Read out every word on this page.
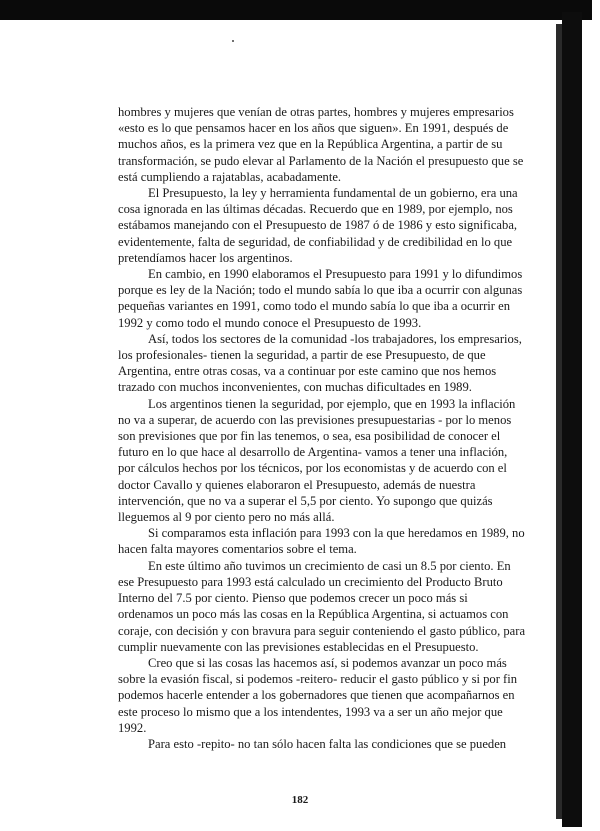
hombres y mujeres que venían de otras partes, hombres y mujeres empresarios «esto es lo que pensamos hacer en los años que siguen». En 1991, después de muchos años, es la primera vez que en la República Argentina, a partir de su transformación, se pudo elevar al Parlamento de la Nación el presupuesto que se está cumpliendo a rajatablas, acabadamente.

El Presupuesto, la ley y herramienta fundamental de un gobierno, era una cosa ignorada en las últimas décadas. Recuerdo que en 1989, por ejemplo, nos estábamos manejando con el Presupuesto de 1987 ó de 1986 y esto significaba, evidentemente, falta de seguridad, de confiabilidad y de credibilidad en lo que pretendíamos hacer los argentinos.

En cambio, en 1990 elaboramos el Presupuesto para 1991 y lo difundimos porque es ley de la Nación; todo el mundo sabía lo que iba a ocurrir con algunas pequeñas variantes en 1991, como todo el mundo sabía lo que iba a ocurrir en 1992 y como todo el mundo conoce el Presupuesto de 1993.

Así, todos los sectores de la comunidad -los trabajadores, los empresarios, los profesionales- tienen la seguridad, a partir de ese Presupuesto, de que Argentina, entre otras cosas, va a continuar por este camino que nos hemos trazado con muchos inconvenientes, con muchas dificultades en 1989.

Los argentinos tienen la seguridad, por ejemplo, que en 1993 la inflación no va a superar, de acuerdo con las previsiones presupuestarias - por lo menos son previsiones que por fin las tenemos, o sea, esa posibilidad de conocer el futuro en lo que hace al desarrollo de Argentina- vamos a tener una inflación, por cálculos hechos por los técnicos, por los economistas y de acuerdo con el doctor Cavallo y quienes elaboraron el Presupuesto, además de nuestra intervención, que no va a superar el 5,5 por ciento. Yo supongo que quizás lleguemos al 9 por ciento pero no más allá.

Si comparamos esta inflación para 1993 con la que heredamos en 1989, no hacen falta mayores comentarios sobre el tema.

En este último año tuvimos un crecimiento de casi un 8.5 por ciento. En ese Presupuesto para 1993 está calculado un crecimiento del Producto Bruto Interno del 7.5 por ciento. Pienso que podemos crecer un poco más si ordenamos un poco más las cosas en la República Argentina, si actuamos con coraje, con decisión y con bravura para seguir conteniendo el gasto público, para cumplir nuevamente con las previsiones establecidas en el Presupuesto.

Creo que si las cosas las hacemos así, si podemos avanzar un poco más sobre la evasión fiscal, si podemos -reitero- reducir el gasto público y si por fin podemos hacerle entender a los gobernadores que tienen que acompañarnos en este proceso lo mismo que a los intendentes, 1993 va a ser un año mejor que 1992.

Para esto -repito- no tan sólo hacen falta las condiciones que se pueden

182
